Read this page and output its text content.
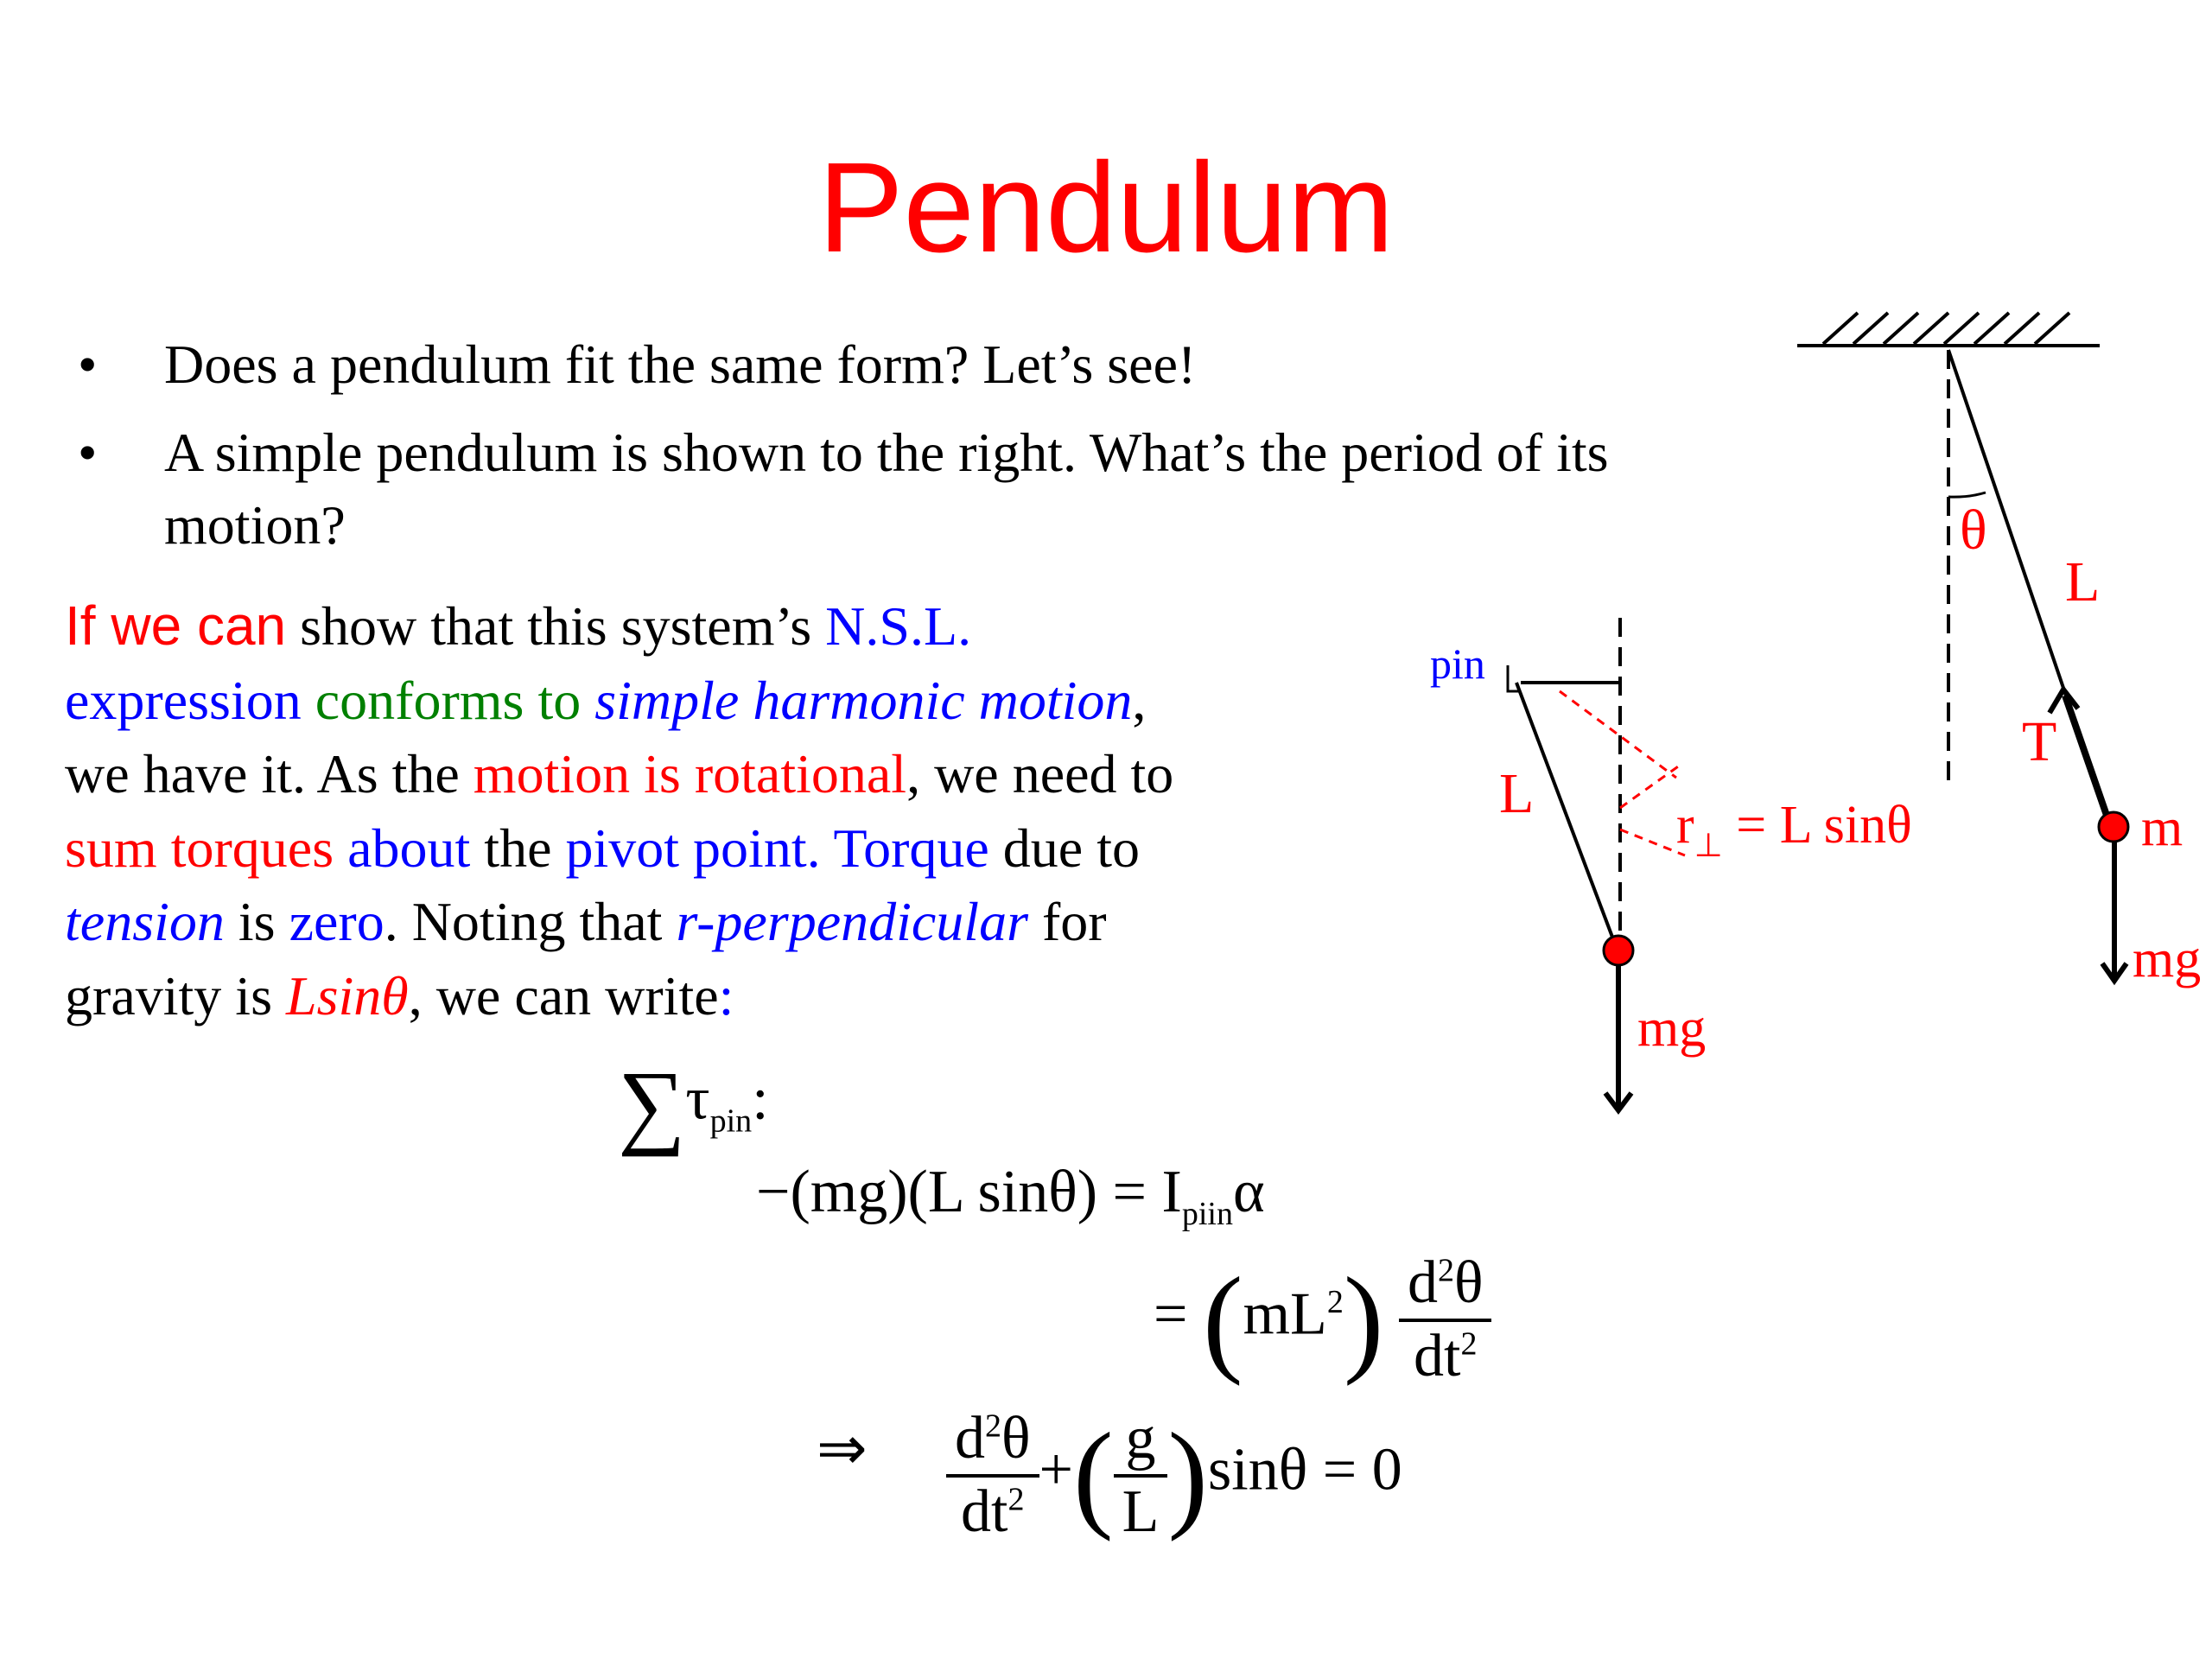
Pendulum
• Does a pendulum fit the same form? Let’s see!
• A simple pendulum is shown to the right. What’s the period of its motion?
If we can show that this system’s N.S.L.
expression conforms to simple harmonic motion,
we have it. As the motion is rotational, we need to
sum torques about the pivot point. Torque due to
tension is zero. Noting that r-perpendicular for
gravity is Lsinθ, we can write:
$\sum\tau_{pin}$:
−(mg)(L $\sin\theta) = I_{piin}\alpha$
= $(mL^2) \frac{d^2\theta}{dt^2}$
⇒ $\frac{d^2\theta}{dt^2}$ +( $\frac{g}{L} )\sin\theta = 0$
pin
L	$r_\perp = L$ sinθ
mg
θ
L
T
m
mg
